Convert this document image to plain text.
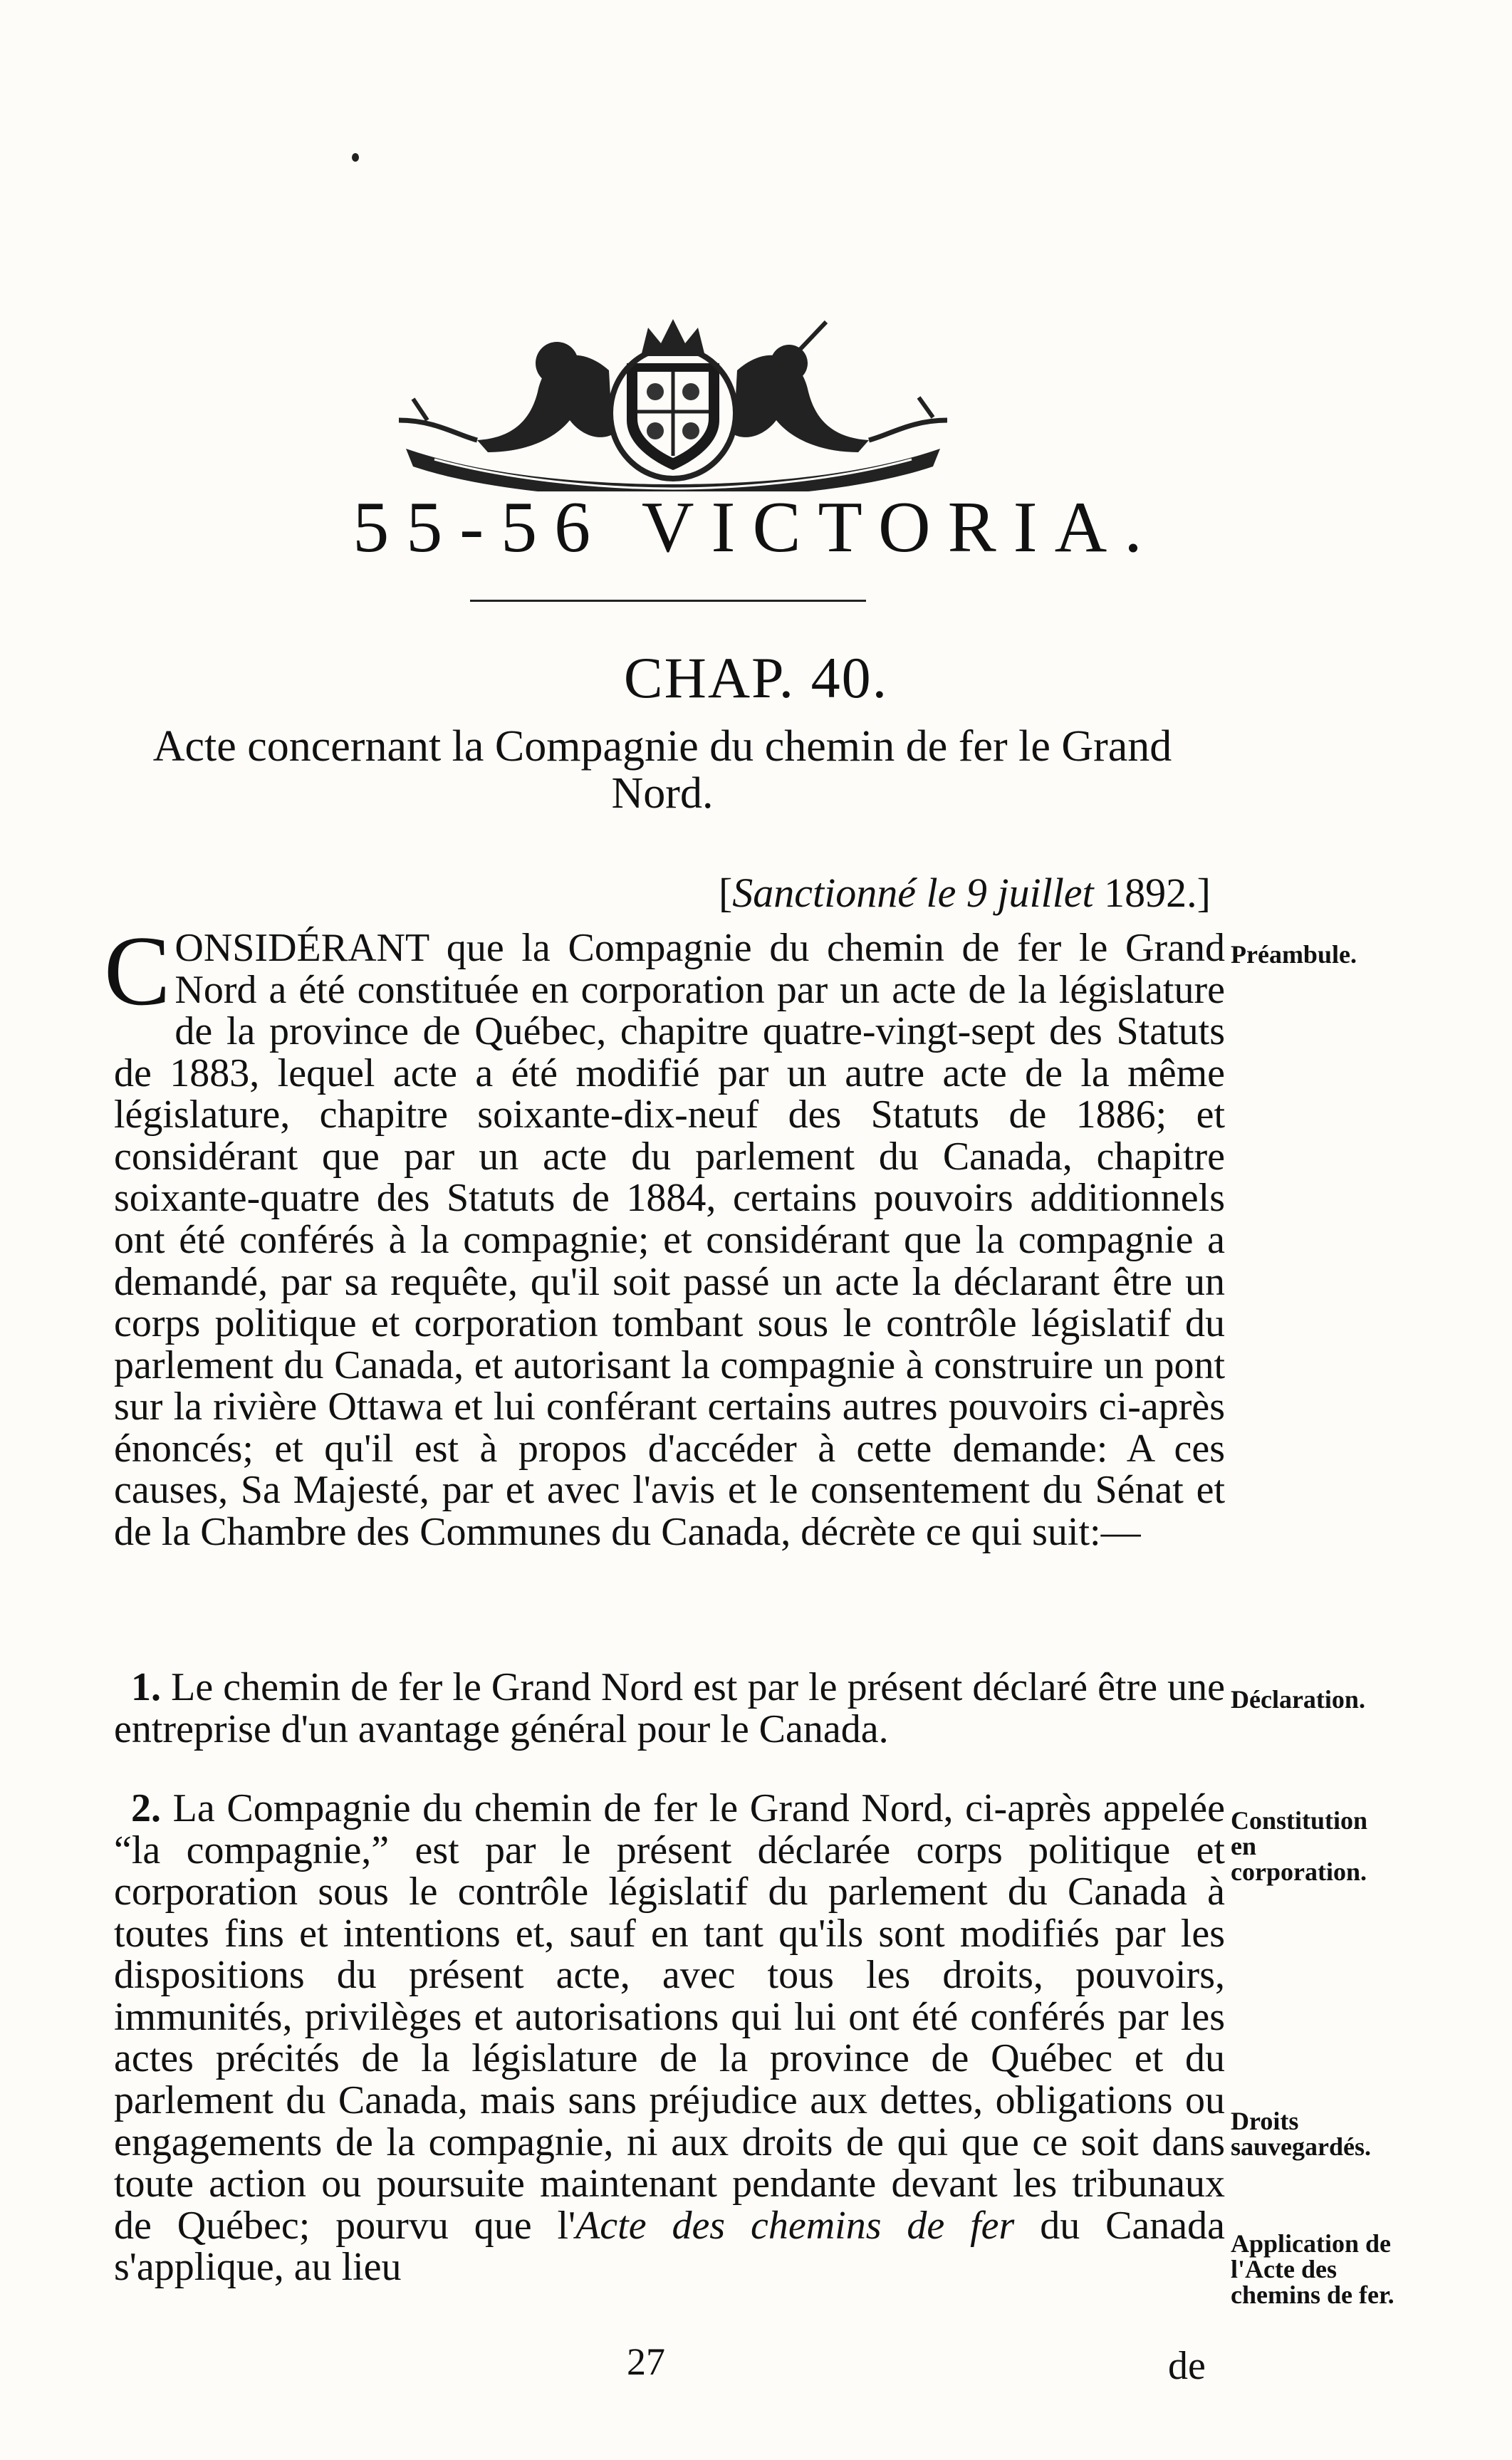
55-56 VICTORIA.
CHAP. 40.
Acte concernant la Compagnie du chemin de fer le Grand Nord.
[Sanctionné le 9 juillet 1892.]
CONSIDÉRANT que la Compagnie du chemin de fer le Grand Nord a été constituée en corporation par un acte de la législature de la province de Québec, chapitre quatre-vingt-sept des Statuts de 1883, lequel acte a été modifié par un autre acte de la même législature, chapitre soixante-dix-neuf des Statuts de 1886; et considérant que par un acte du parlement du Canada, chapitre soixante-quatre des Statuts de 1884, certains pouvoirs additionnels ont été conférés à la compagnie; et considérant que la compagnie a demandé, par sa requête, qu'il soit passé un acte la déclarant être un corps politique et corporation tombant sous le contrôle législatif du parlement du Canada, et autorisant la compagnie à construire un pont sur la rivière Ottawa et lui conférant certains autres pouvoirs ci-après énoncés; et qu'il est à propos d'accéder à cette demande: A ces causes, Sa Majesté, par et avec l'avis et le consentement du Sénat et de la Chambre des Communes du Canada, décrète ce qui suit:—
1. Le chemin de fer le Grand Nord est par le présent déclaré être une entreprise d'un avantage général pour le Canada.
2. La Compagnie du chemin de fer le Grand Nord, ci-après appelée “la compagnie,” est par le présent déclarée corps politique et corporation sous le contrôle législatif du parlement du Canada à toutes fins et intentions et, sauf en tant qu'ils sont modifiés par les dispositions du présent acte, avec tous les droits, pouvoirs, immunités, privilèges et autorisations qui lui ont été conférés par les actes précités de la législature de la province de Québec et du parlement du Canada, mais sans préjudice aux dettes, obligations ou engagements de la compagnie, ni aux droits de qui que ce soit dans toute action ou poursuite maintenant pendante devant les tribunaux de Québec; pourvu que l'Acte des chemins de fer du Canada s'applique, au lieu
Préambule.
Déclaration.
Constitution en corporation.
Droits sauvegardés.
Application de l'Acte des chemins de fer.
27	de
